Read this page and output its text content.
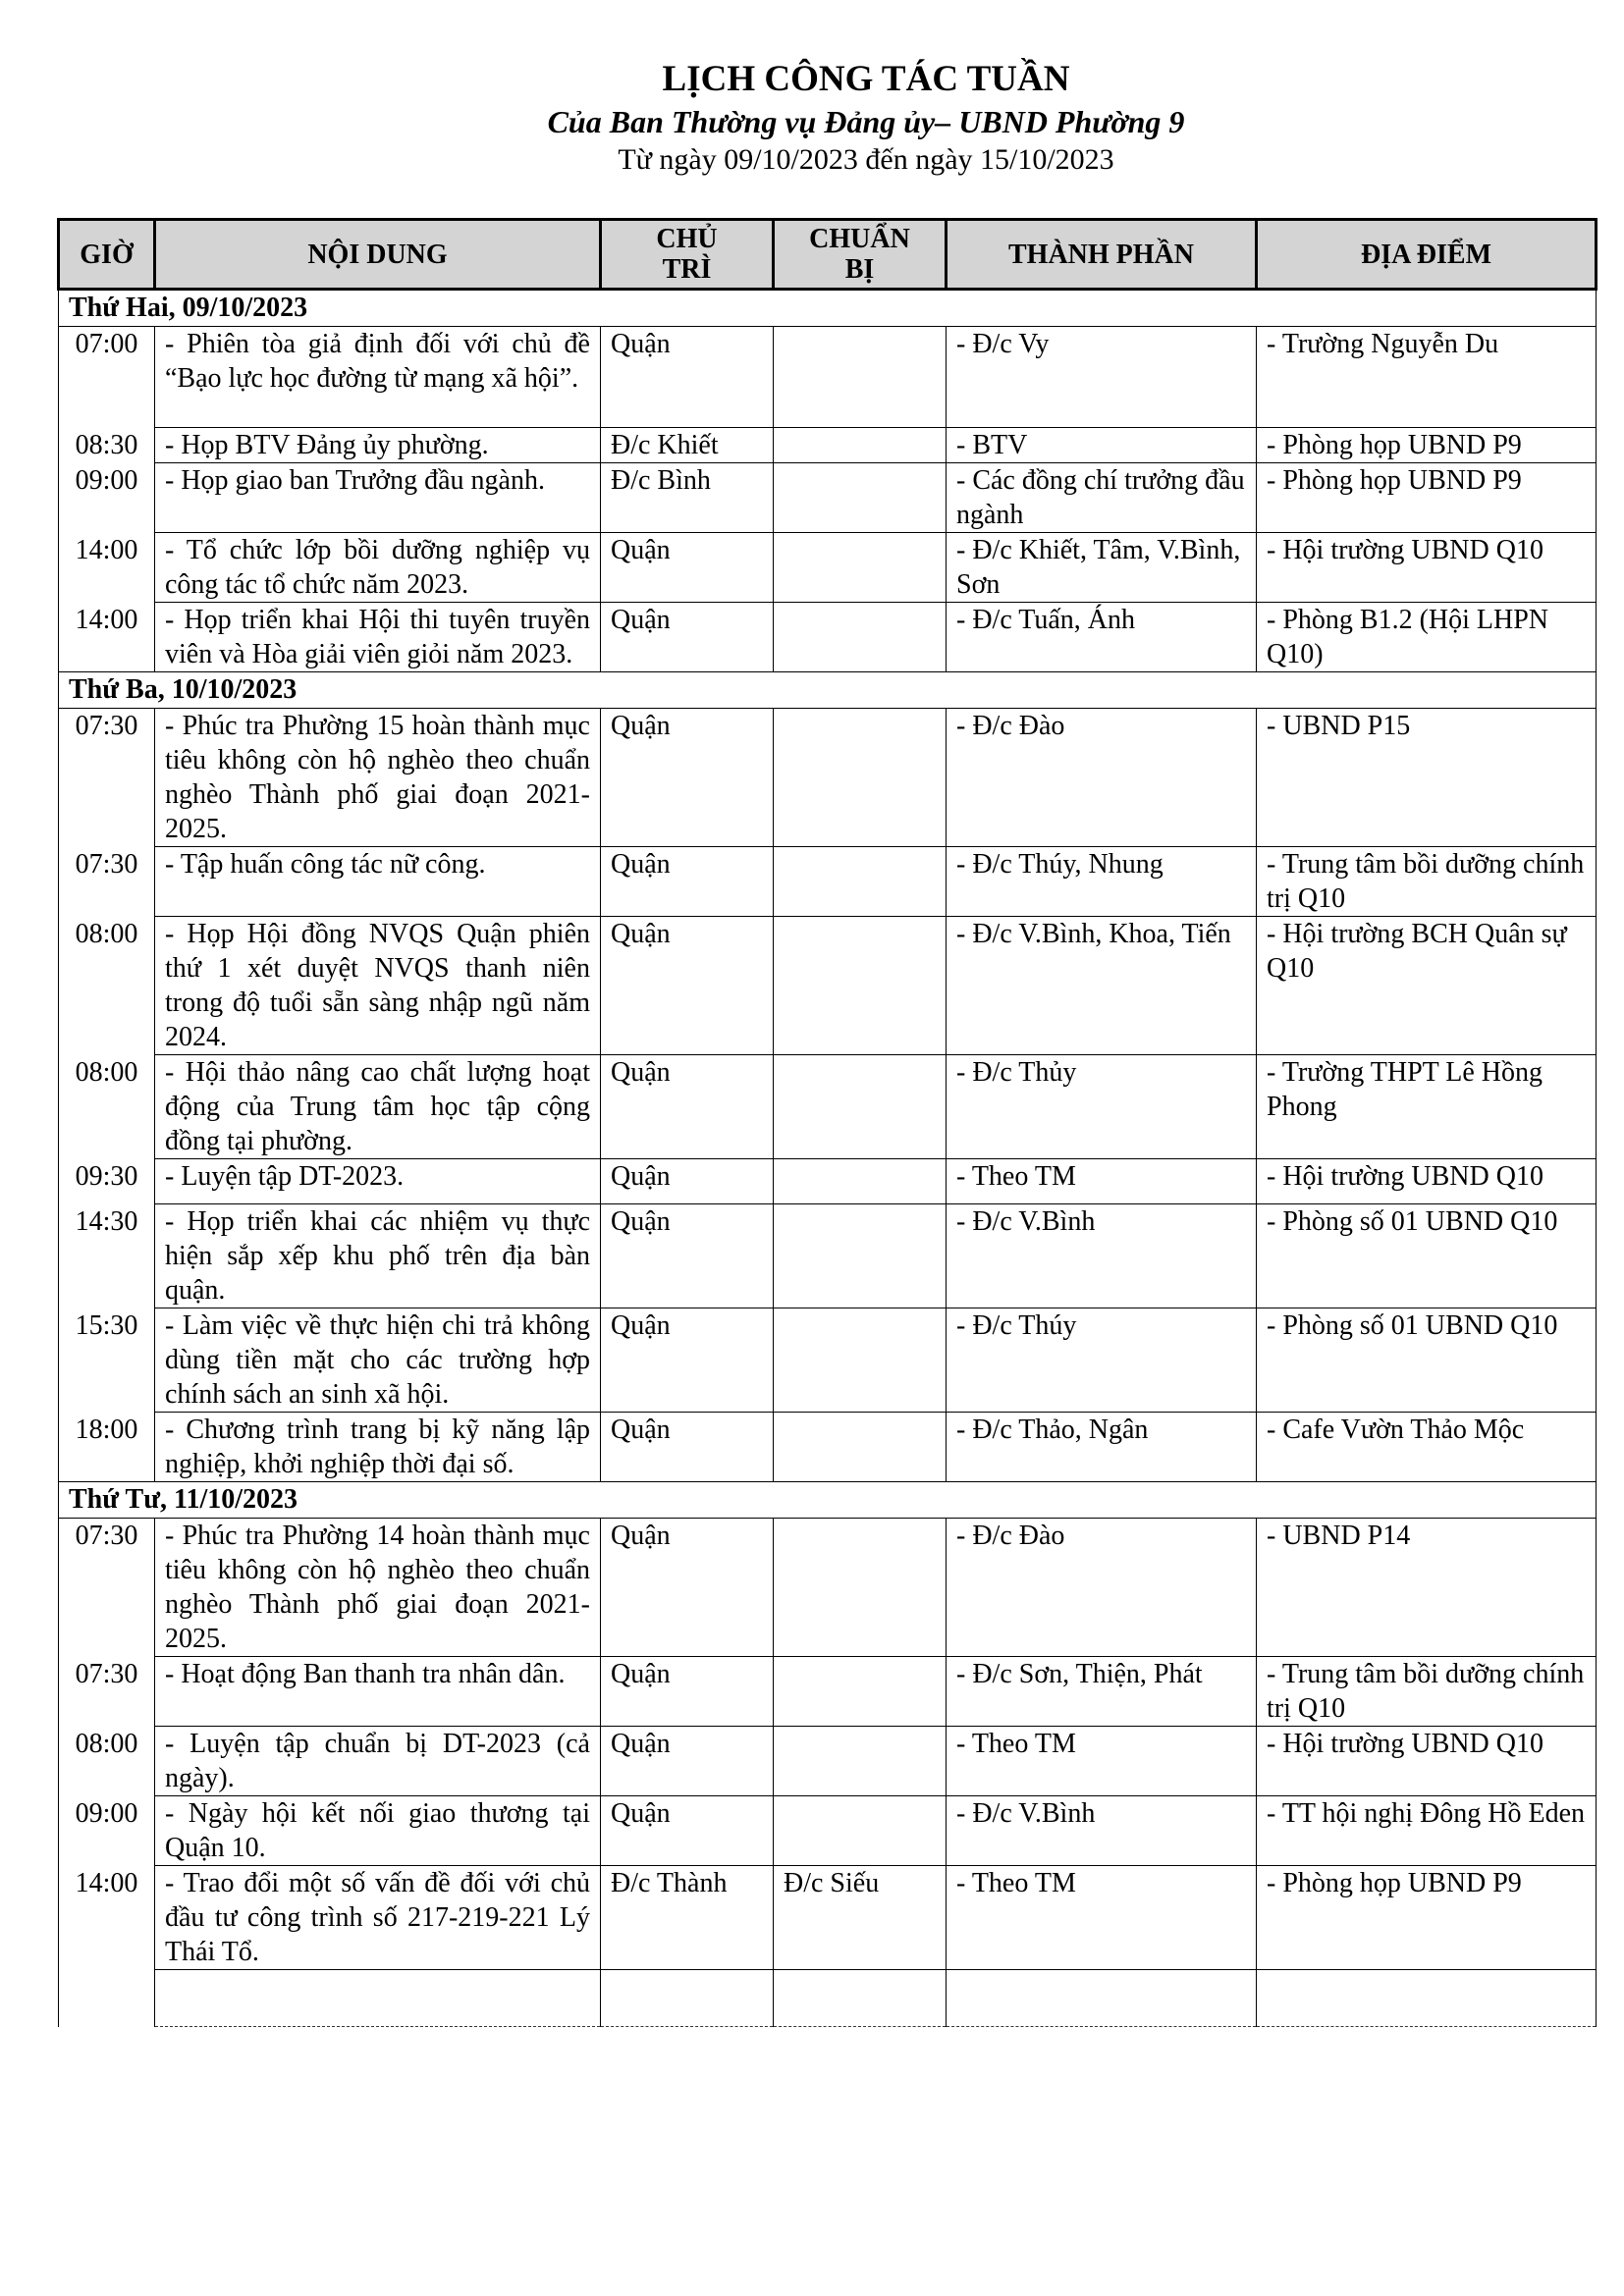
LỊCH CÔNG TÁC TUẦN
Của Ban Thường vụ Đảng ủy– UBND Phường 9
Từ ngày 09/10/2023 đến ngày 15/10/2023
GIỜ	NỘI DUNG	CHỦ TRÌ	CHUẨN BỊ	THÀNH PHẦN	ĐỊA ĐIỂM
Thứ Hai, 09/10/2023					
07:00	- Phiên tòa giả định đối với chủ đề “Bạo lực học đường từ mạng xã hội”.	Quận		- Đ/c Vy	- Trường Nguyễn Du
08:30	- Họp BTV Đảng ủy phường.	Đ/c Khiết		- BTV	- Phòng họp UBND P9
09:00	- Họp giao ban Trưởng đầu ngành.	Đ/c Bình		- Các đồng chí trưởng đầu ngành	- Phòng họp UBND P9
14:00	- Tổ chức lớp bồi dưỡng nghiệp vụ công tác tổ chức năm 2023.	Quận		- Đ/c Khiết, Tâm, V.Bình, Sơn	- Hội trường UBND Q10
14:00	- Họp triển khai Hội thi tuyên truyền viên và Hòa giải viên giỏi năm 2023.	Quận		- Đ/c Tuấn, Ánh	- Phòng B1.2 (Hội LHPN Q10)
Thứ Ba, 10/10/2023					
07:30	- Phúc tra Phường 15 hoàn thành mục tiêu không còn hộ nghèo theo chuẩn nghèo Thành phố giai đoạn 2021-2025.	Quận		- Đ/c Đào	- UBND P15
07:30	- Tập huấn công tác nữ công.	Quận		- Đ/c Thúy, Nhung	- Trung tâm bồi dưỡng chính trị Q10
08:00	- Họp Hội đồng NVQS Quận phiên thứ 1 xét duyệt NVQS thanh niên trong độ tuổi sẵn sàng nhập ngũ năm 2024.	Quận		- Đ/c V.Bình, Khoa, Tiến	- Hội trường BCH Quân sự Q10
08:00	- Hội thảo nâng cao chất lượng hoạt động của Trung tâm học tập cộng đồng tại phường.	Quận		- Đ/c Thủy	- Trường THPT Lê Hồng Phong
09:30	- Luyện tập DT-2023.	Quận		- Theo TM	- Hội trường UBND Q10
14:30	- Họp triển khai các nhiệm vụ thực hiện sắp xếp khu phố trên địa bàn quận.	Quận		- Đ/c V.Bình	- Phòng số 01 UBND Q10
15:30	- Làm việc về thực hiện chi trả không dùng tiền mặt cho các trường hợp chính sách an sinh xã hội.	Quận		- Đ/c Thúy	- Phòng số 01 UBND Q10
18:00	- Chương trình trang bị kỹ năng lập nghiệp, khởi nghiệp thời đại số.	Quận		- Đ/c Thảo, Ngân	- Cafe Vườn Thảo Mộc
Thứ Tư, 11/10/2023					
07:30	- Phúc tra Phường 14 hoàn thành mục tiêu không còn hộ nghèo theo chuẩn nghèo Thành phố giai đoạn 2021-2025.	Quận		- Đ/c Đào	- UBND P14
07:30	- Hoạt động Ban thanh tra nhân dân.	Quận		- Đ/c Sơn, Thiện, Phát	- Trung tâm bồi dưỡng chính trị Q10
08:00	- Luyện tập chuẩn bị DT-2023 (cả ngày).	Quận		- Theo TM	- Hội trường UBND Q10
09:00	- Ngày hội kết nối giao thương tại Quận 10.	Quận		- Đ/c V.Bình	- TT hội nghị Đông Hồ Eden
14:00	- Trao đổi một số vấn đề đối với chủ đầu tư công trình số 217-219-221 Lý Thái Tổ.	Đ/c Thành	Đ/c Siếu	- Theo TM	- Phòng họp UBND P9
